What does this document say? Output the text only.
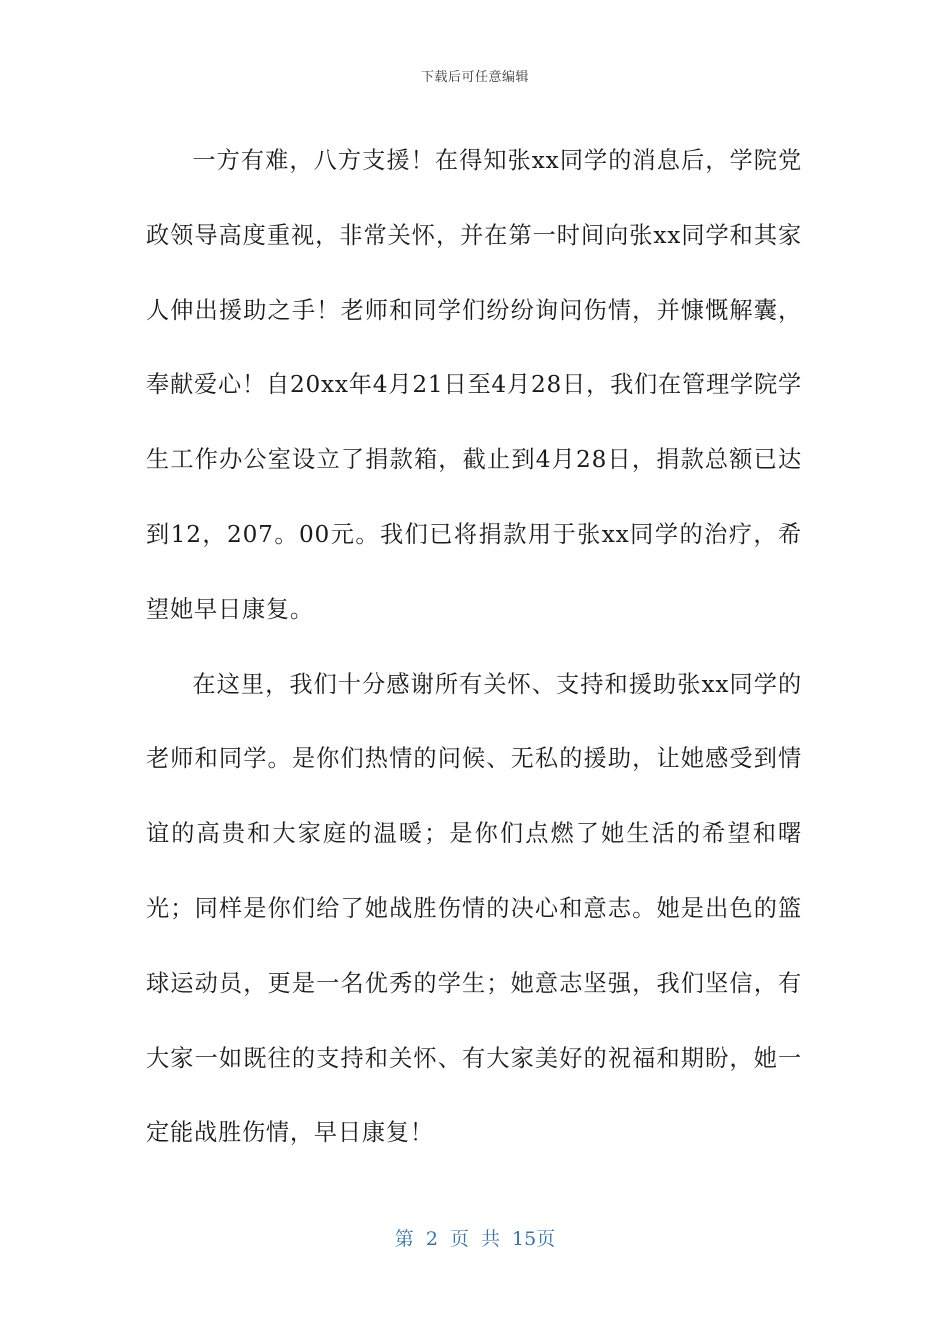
下载后可任意编辑

一方有难，八方支援！在得知张xx同学的消息后，学院党政领导高度重视，非常关怀，并在第一时间向张xx同学和其家人伸出援助之手！老师和同学们纷纷询问伤情，并慷慨解囊，奉献爱心！自20xx年4月21日至4月28日，我们在管理学院学生工作办公室设立了捐款箱，截止到4月28日，捐款总额已达到12，207。00元。我们已将捐款用于张xx同学的治疗，希望她早日康复。

在这里，我们十分感谢所有关怀、支持和援助张xx同学的老师和同学。是你们热情的问候、无私的援助，让她感受到情谊的高贵和大家庭的温暖；是你们点燃了她生活的希望和曙光；同样是你们给了她战胜伤情的决心和意志。她是出色的篮球运动员，更是一名优秀的学生；她意志坚强，我们坚信，有大家一如既往的支持和关怀、有大家美好的祝福和期盼，她一定能战胜伤情，早日康复！

第 2 页 共 15页
